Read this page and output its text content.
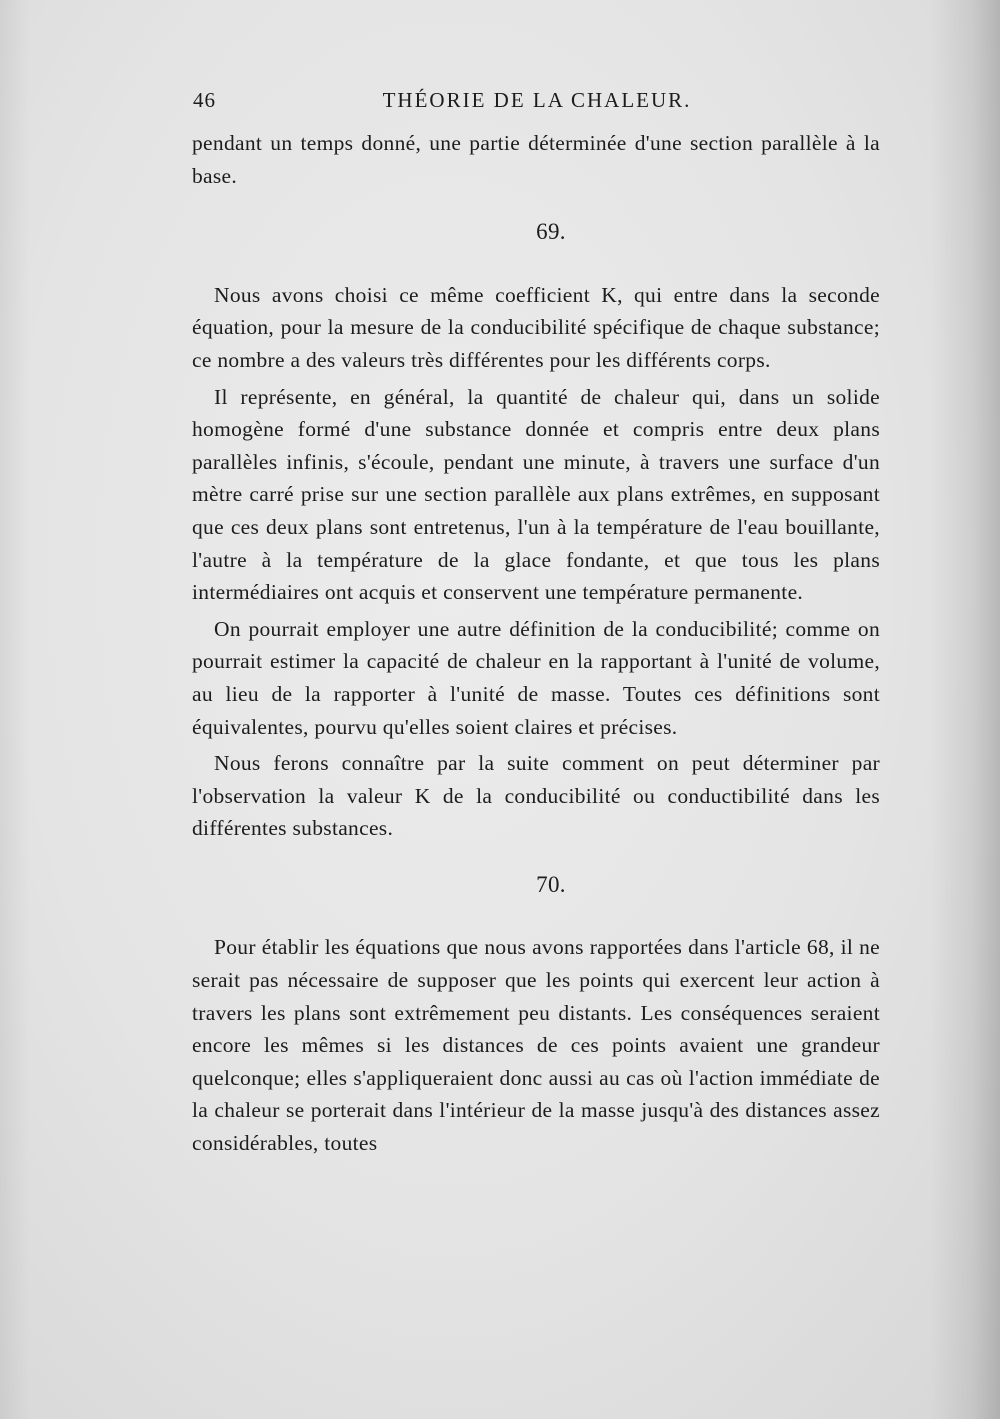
46	THÉORIE DE LA CHALEUR.

pendant un temps donné, une partie déterminée d'une section parallèle à la base.

69.

Nous avons choisi ce même coefficient K, qui entre dans la seconde équation, pour la mesure de la conducibilité spécifique de chaque substance; ce nombre a des valeurs très différentes pour les différents corps.

Il représente, en général, la quantité de chaleur qui, dans un solide homogène formé d'une substance donnée et compris entre deux plans parallèles infinis, s'écoule, pendant une minute, à travers une surface d'un mètre carré prise sur une section parallèle aux plans extrêmes, en supposant que ces deux plans sont entretenus, l'un à la température de l'eau bouillante, l'autre à la température de la glace fondante, et que tous les plans intermédiaires ont acquis et conservent une température permanente.

On pourrait employer une autre définition de la conducibilité; comme on pourrait estimer la capacité de chaleur en la rapportant à l'unité de volume, au lieu de la rapporter à l'unité de masse. Toutes ces définitions sont équivalentes, pourvu qu'elles soient claires et précises.

Nous ferons connaître par la suite comment on peut déterminer par l'observation la valeur K de la conducibilité ou conductibilité dans les différentes substances.

70.

Pour établir les équations que nous avons rapportées dans l'article 68, il ne serait pas nécessaire de supposer que les points qui exercent leur action à travers les plans sont extrêmement peu distants. Les conséquences seraient encore les mêmes si les distances de ces points avaient une grandeur quelconque; elles s'appliqueraient donc aussi au cas où l'action immédiate de la chaleur se porterait dans l'intérieur de la masse jusqu'à des distances assez considérables, toutes
